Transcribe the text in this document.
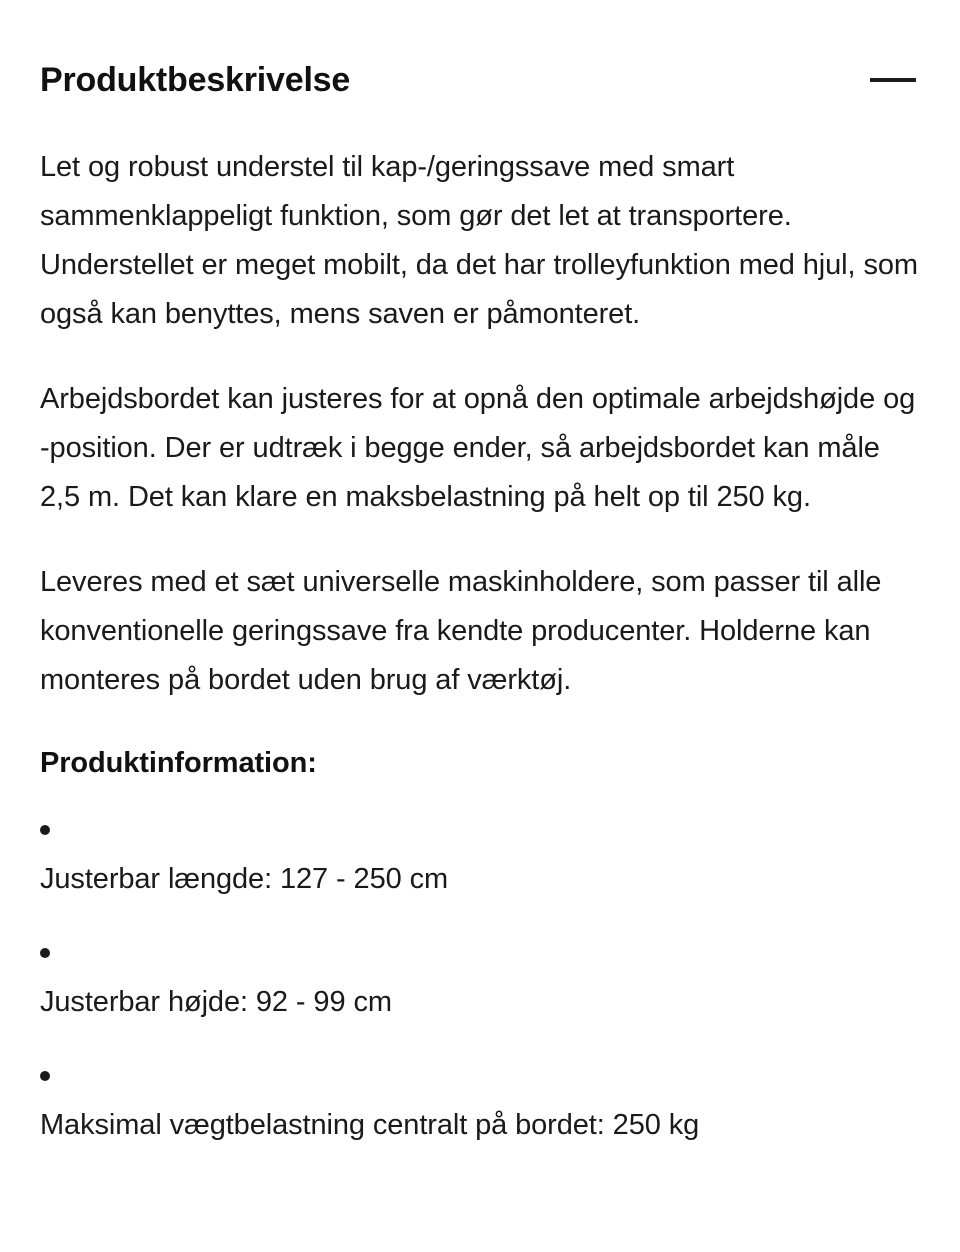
Produktbeskrivelse

Let og robust understel til kap-/geringssave med smart sammenklappeligt funktion, som gør det let at transportere. Understellet er meget mobilt, da det har trolleyfunktion med hjul, som også kan benyttes, mens saven er påmonteret.

Arbejdsbordet kan justeres for at opnå den optimale arbejdshøjde og -position. Der er udtræk i begge ender, så arbejdsbordet kan måle 2,5 m. Det kan klare en maksbelastning på helt op til 250 kg.

Leveres med et sæt universelle maskinholdere, som passer til alle konventionelle geringssave fra kendte producenter. Holderne kan monteres på bordet uden brug af værktøj.

Produktinformation:
Justerbar længde: 127 - 250 cm
Justerbar højde: 92 - 99 cm
Maksimal vægtbelastning centralt på bordet: 250 kg
